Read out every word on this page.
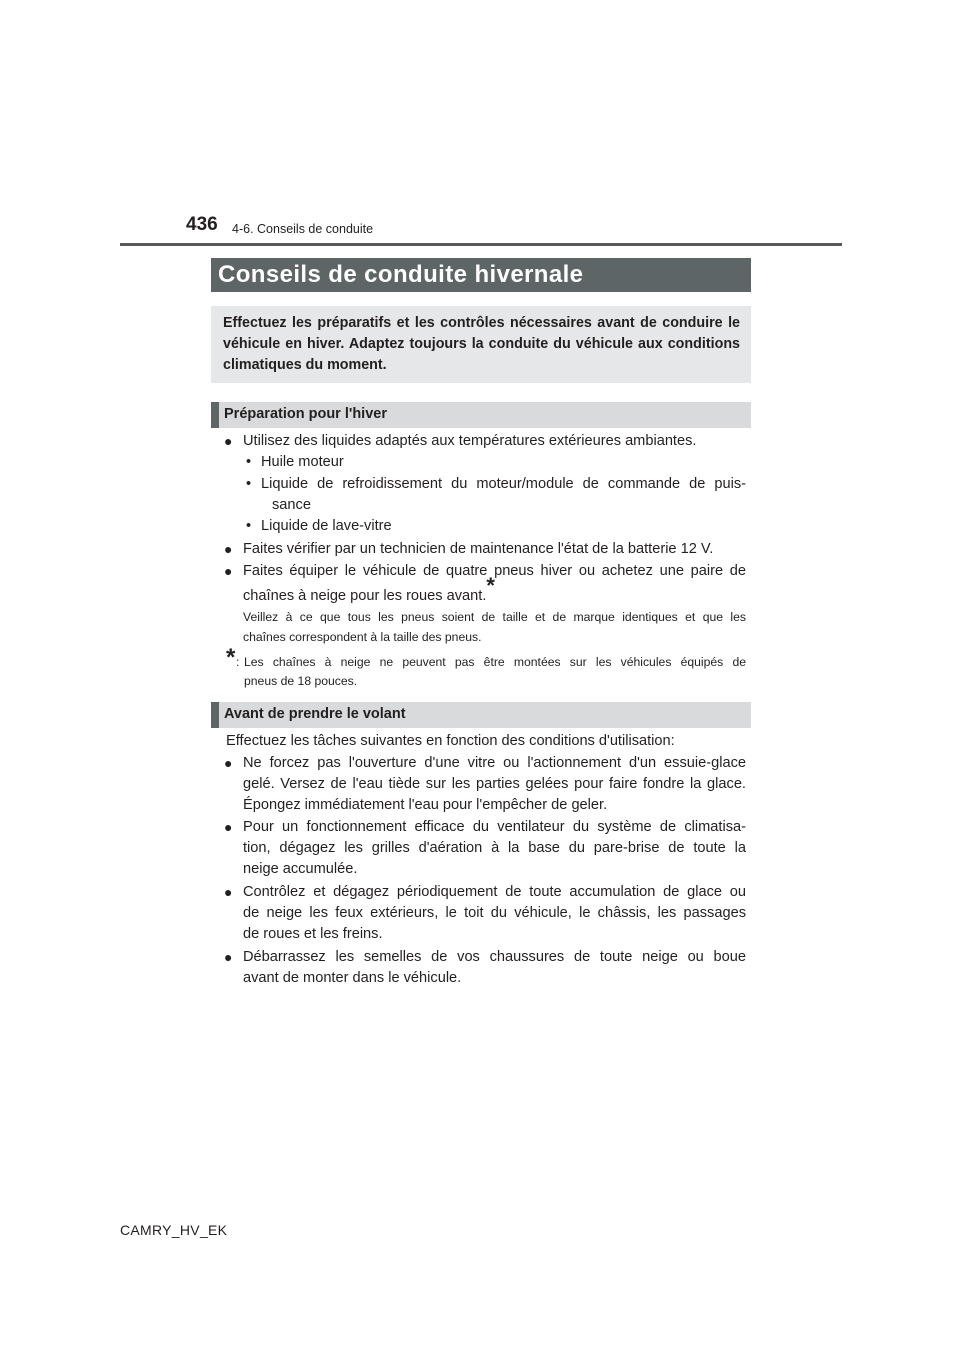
436 4-6. Conseils de conduite
Conseils de conduite hivernale
Effectuez les préparatifs et les contrôles nécessaires avant de conduire le véhicule en hiver. Adaptez toujours la conduite du véhicule aux conditions climatiques du moment.
Préparation pour l'hiver
● Utilisez des liquides adaptés aux températures extérieures ambiantes.
• Huile moteur
• Liquide de refroidissement du moteur/module de commande de puis-
sance
• Liquide de lave-vitre
● Faites vérifier par un technicien de maintenance l'état de la batterie 12 V.
● Faites équiper le véhicule de quatre pneus hiver ou achetez une paire de
chaînes à neige pour les roues avant.*
Veillez à ce que tous les pneus soient de taille et de marque identiques et que les
chaînes correspondent à la taille des pneus.
* : Les chaînes à neige ne peuvent pas être montées sur les véhicules équipés de
pneus de 18 pouces.
Avant de prendre le volant
Effectuez les tâches suivantes en fonction des conditions d'utilisation:
● Ne forcez pas l'ouverture d'une vitre ou l'actionnement d'un essuie-glace
gelé. Versez de l'eau tiède sur les parties gelées pour faire fondre la glace.
Épongez immédiatement l'eau pour l'empêcher de geler.
● Pour un fonctionnement efficace du ventilateur du système de climatisa-
tion, dégagez les grilles d'aération à la base du pare-brise de toute la
neige accumulée.
● Contrôlez et dégagez périodiquement de toute accumulation de glace ou
de neige les feux extérieurs, le toit du véhicule, le châssis, les passages
de roues et les freins.
● Débarrassez les semelles de vos chaussures de toute neige ou boue
avant de monter dans le véhicule.
CAMRY_HV_EK
